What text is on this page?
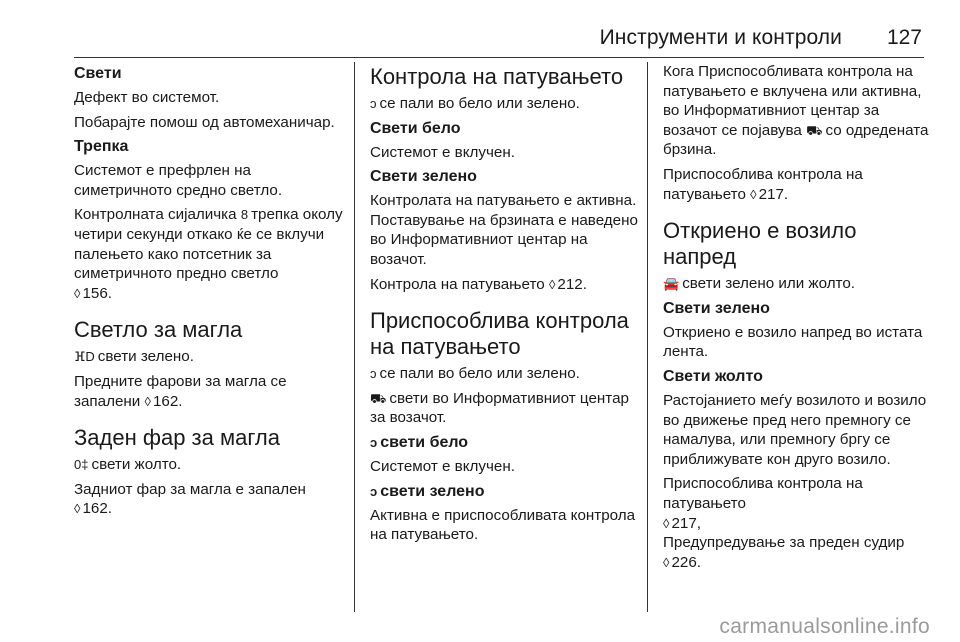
Инструменти и контроли 127
Свети

Дефект во системот.

Побарајте помош од автомеханичар.

Трепка

Системот е префрлен на симетричното средно светло.

Контролната сијаличка 8 трепка околу четири секунди откако ќе се вклучи палењето како потсетник за симетричното предно светло
◊ 156.

Светло за магла

ⴼD свети зелено.

Предните фарови за магла се запалени ◊ 162.

Заден фар за магла

0‡ свети жолто.

Задниот фар за магла е запален
◊ 162.

Контрола на патувањето

ↄ се пали во бело или зелено.

Свети бело

Системот е вклучен.

Свети зелено

Контролата на патувањето е активна. Поставување на брзината е наведено во Информативниот центар на возачот.

Контрола на патувањето ◊ 212.

Приспособлива контрола на патувањето

ↄ се пали во бело или зелено.

⛟ свети во Информативниот центар за возачот.

ↄ свети бело

Системот е вклучен.

ↄ свети зелено

Активна е приспособливата контрола на патувањето.

Кога Приспособливата контрола на патувањето е вклучена или активна, во Информативниот центар за возачот се појавува ⛟ со одредената брзина.

Приспособлива контрола на патувањето ◊ 217.

Откриено е возило напред

🚘 свети зелено или жолто.

Свети зелено

Откриено е возило напред во истата лента.

Свети жолто

Растојанието меѓу возилото и возило во движење пред него премногу се намалува, или премногу бргу се приближувате кон друго возило.

Приспособлива контрола на патувањето
◊ 217,
Предупредување за преден судир
◊ 226.

carmanualsonline.info
